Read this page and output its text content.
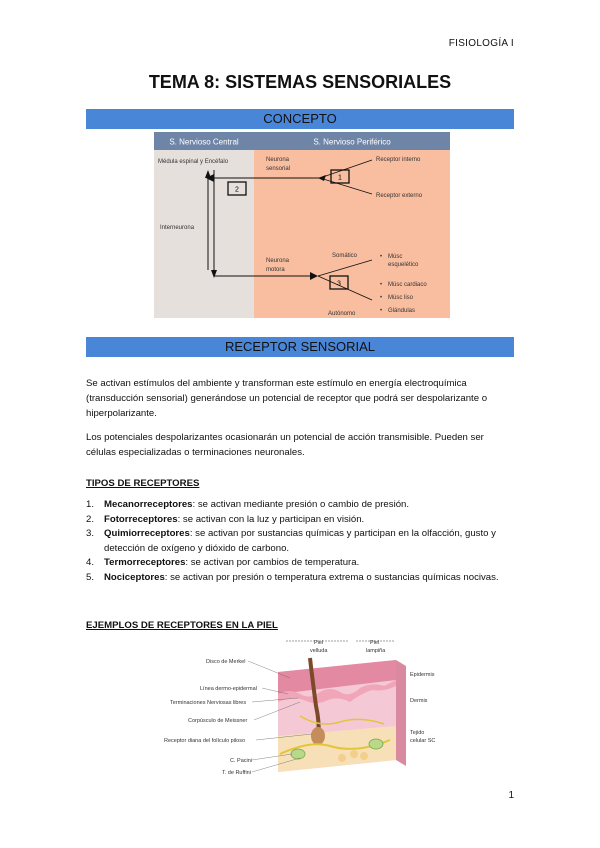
FISIOLOGÍA I
TEMA 8: SISTEMAS SENSORIALES
CONCEPTO
S. Nervioso Central	S. Nervioso Periférico
Médula espinal y Encéfalo
Interneurona
2
Neurona
sensorial
1
Receptor interno
Receptor externo
Neurona
motora
Somático
Autónomo
3
• Músc
esquelético
• Músc cardiaco
• Músc liso
• Glándulas
RECEPTOR SENSORIAL
Se activan estímulos del ambiente y transforman este estímulo en energía electroquímica (transducción sensorial) generándose un potencial de receptor que podrá ser despolarizante o hiperpolarizante.
Los potenciales despolarizantes ocasionarán un potencial de acción transmisible. Pueden ser células especializadas o terminaciones neuronales.
TIPOS DE RECEPTORES
1. Mecanorreceptores: se activan mediante presión o cambio de presión.
2. Fotorreceptores: se activan con la luz y participan en visión.
3. Quimiorreceptores: se activan por sustancias químicas y participan en la olfacción, gusto y detección de oxígeno y dióxido de carbono.
4. Termorreceptores: se activan por cambios de temperatura.
5. Nociceptores: se activan por presión o temperatura extrema o sustancias químicas nocivas.
EJEMPLOS DE RECEPTORES EN LA PIEL
Piel
velluda
Piel
lampiña
Disco de Merkel
Línea dermo-epidermal
Terminaciones Nerviosas libres
Corpúsculo de Meissner
Receptor diana del folículo piloso
C. Pacini
T. de Ruffini
Epidermis
Dermis
Tejido
celular SC
1
